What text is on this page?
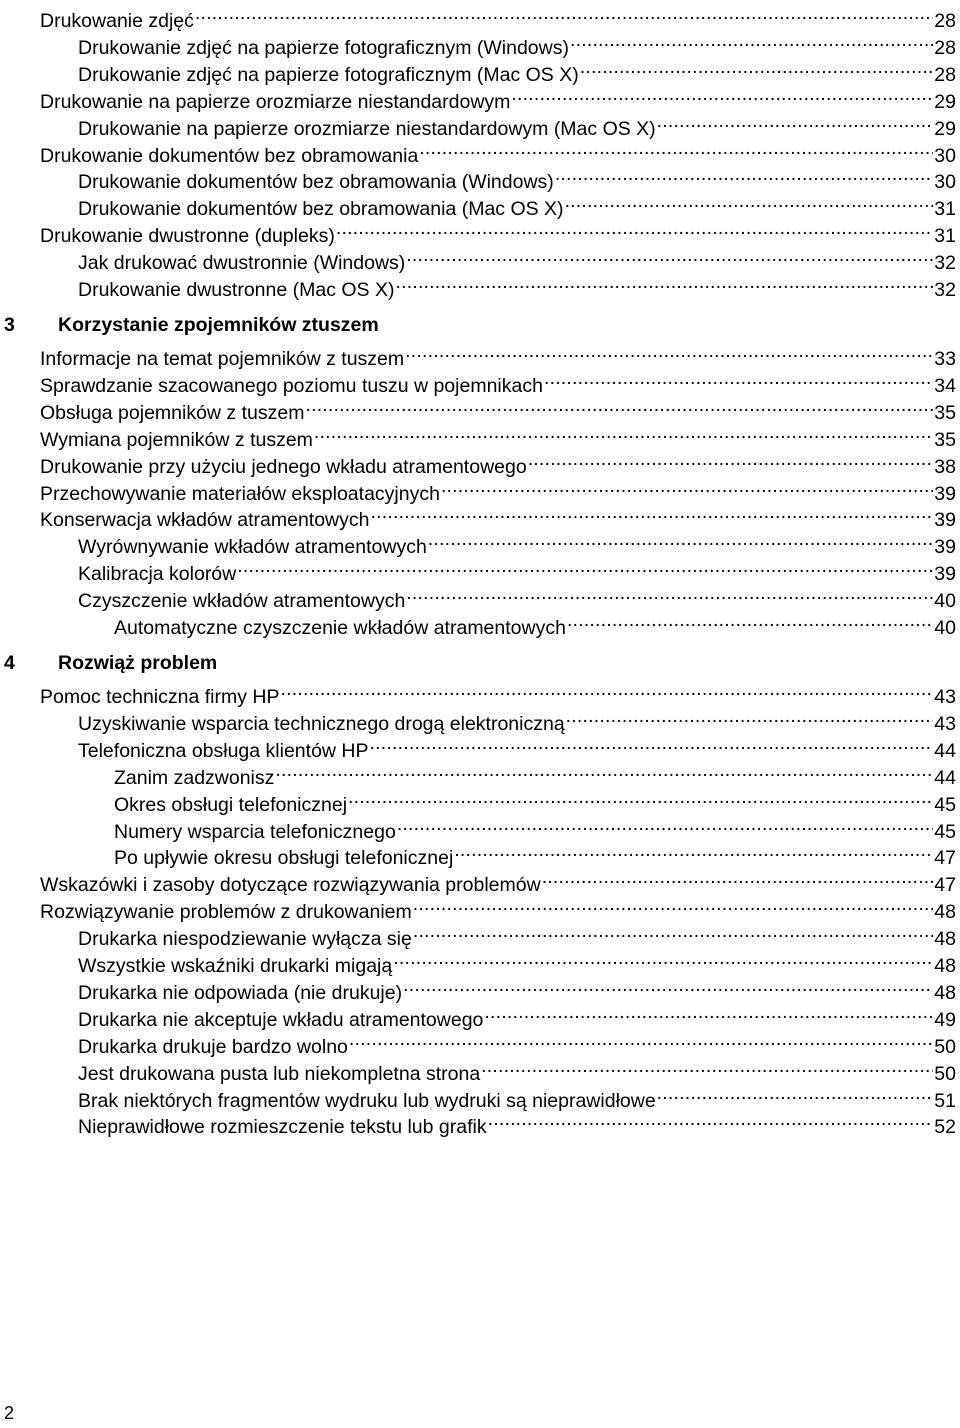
Drukowanie zdjęć .....	28
Drukowanie zdjęć na papierze fotograficznym (Windows) .....	28
Drukowanie zdjęć na papierze fotograficznym (Mac OS X) .....	28
Drukowanie na papierze orozmiarze niestandardowym .....	29
Drukowanie na papierze orozmiarze niestandardowym (Mac OS X) .....	29
Drukowanie dokumentów bez obramowania .....	30
Drukowanie dokumentów bez obramowania (Windows) .....	30
Drukowanie dokumentów bez obramowania (Mac OS X) .....	31
Drukowanie dwustronne (dupleks) .....	31
Jak drukować dwustronnie (Windows) .....	32
Drukowanie dwustronne (Mac OS X) .....	32
3	Korzystanie zpojemników ztuszem
Informacje na temat pojemników z tuszem .....	33
Sprawdzanie szacowanego poziomu tuszu w pojemnikach .....	34
Obsługa pojemników z tuszem .....	35
Wymiana pojemników z tuszem .....	35
Drukowanie przy użyciu jednego wkładu atramentowego .....	38
Przechowywanie materiałów eksploatacyjnych .....	39
Konserwacja wkładów atramentowych .....	39
Wyrównywanie wkładów atramentowych .....	39
Kalibracja kolorów .....	39
Czyszczenie wkładów atramentowych .....	40
Automatyczne czyszczenie wkładów atramentowych .....	40
4	Rozwiąż problem
Pomoc techniczna firmy HP .....	43
Uzyskiwanie wsparcia technicznego drogą elektroniczną .....	43
Telefoniczna obsługa klientów HP .....	44
Zanim zadzwonisz .....	44
Okres obsługi telefonicznej .....	45
Numery wsparcia telefonicznego .....	45
Po upływie okresu obsługi telefonicznej .....	47
Wskazówki i zasoby dotyczące rozwiązywania problemów .....	47
Rozwiązywanie problemów z drukowaniem .....	48
Drukarka niespodziewanie wyłącza się .....	48
Wszystkie wskaźniki drukarki migają .....	48
Drukarka nie odpowiada (nie drukuje) .....	48
Drukarka nie akceptuje wkładu atramentowego .....	49
Drukarka drukuje bardzo wolno .....	50
Jest drukowana pusta lub niekompletna strona .....	50
Brak niektórych fragmentów wydruku lub wydruki są nieprawidłowe .....	51
Nieprawidłowe rozmieszczenie tekstu lub grafik .....	52
2
